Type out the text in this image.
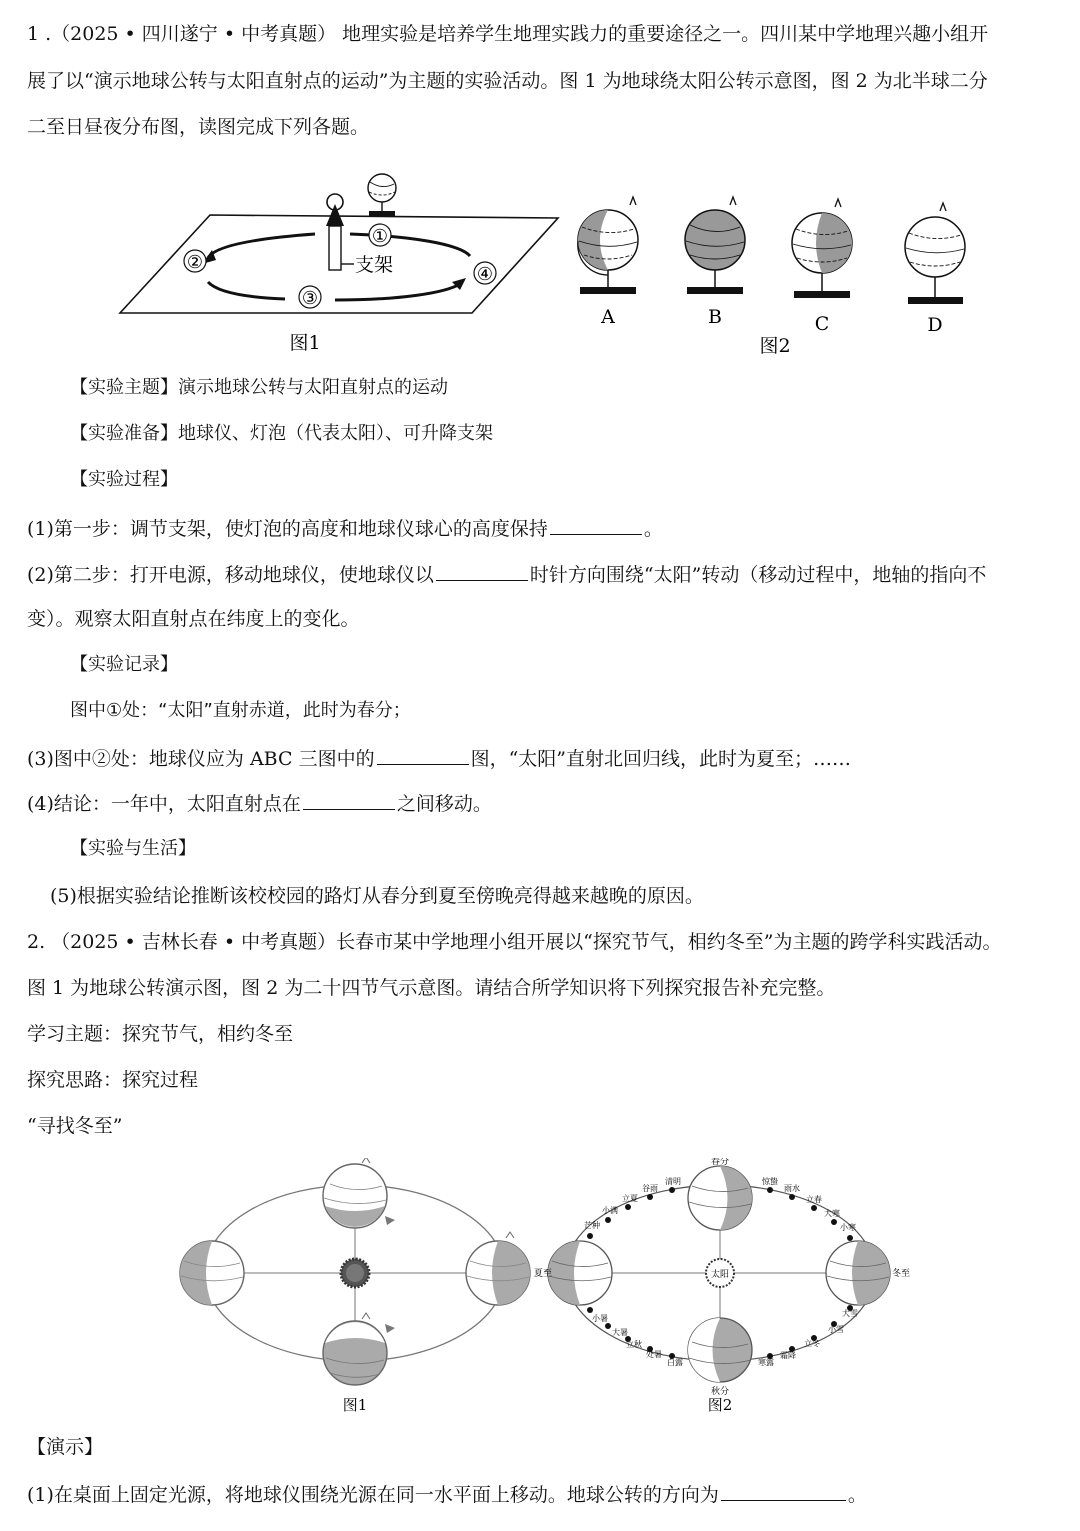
1 .（2025 • 四川遂宁 • 中考真题） 地理实验是培养学生地理实践力的重要途径之一。四川某中学地理兴趣小组开
展了以“演示地球公转与太阳直射点的运动”为主题的实验活动。图 1 为地球绕太阳公转示意图，图 2 为北半球二分
二至日昼夜分布图，读图完成下列各题。
支架
①
②
③
④
图1
A	B	C	D
图2
【实验主题】演示地球公转与太阳直射点的运动
【实验准备】地球仪、灯泡（代表太阳）、可升降支架
【实验过程】
(1)第一步：调节支架，使灯泡的高度和地球仪球心的高度保持	。
(2)第二步：打开电源，移动地球仪，使地球仪以	时针方向围绕“太阳”转动（移动过程中，地轴的指向不
变）。观察太阳直射点在纬度上的变化。
【实验记录】
图中①处：“太阳”直射赤道，此时为春分；
(3)图中②处：地球仪应为 ABC 三图中的	图，“太阳”直射北回归线，此时为夏至；……
(4)结论：一年中，太阳直射点在	之间移动。
【实验与生活】
(5)根据实验结论推断该校校园的路灯从春分到夏至傍晚亮得越来越晚的原因。
2. （2025 • 吉林长春 • 中考真题）长春市某中学地理小组开展以“探究节气，相约冬至”为主题的跨学科实践活动。
图 1 为地球公转演示图，图 2 为二十四节气示意图。请结合所学知识将下列探究报告补充完整。
学习主题：探究节气，相约冬至
探究思路：探究过程
“寻找冬至”
图1
太阳
春分
夏至	冬至
秋分
芒种
小满
立夏
谷雨
清明	惊蛰
雨水
立春
大寒
小寒
小暑
大暑
立秋
处暑
白露	寒露
霜降
立冬
小雪
大雪
图2
【演示】
(1)在桌面上固定光源，将地球仪围绕光源在同一水平面上移动。地球公转的方向为	。
